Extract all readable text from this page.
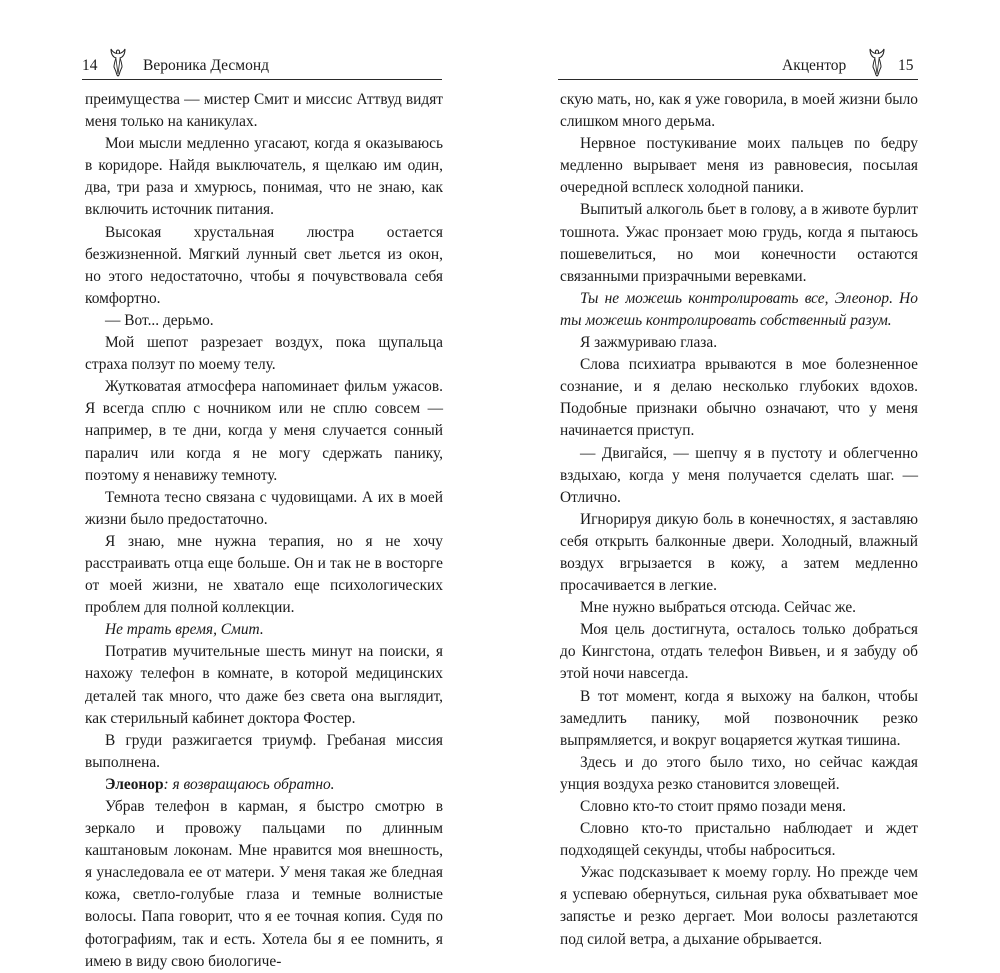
14	Вероника Десмонд

преимущества — мистер Смит и миссис Аттвуд видят меня только на каникулах.

Мои мысли медленно угасают, когда я оказываюсь в коридоре. Найдя выключатель, я щелкаю им один, два, три раза и хмурюсь, понимая, что не знаю, как включить источник питания.

Высокая хрустальная люстра остается безжизненной. Мягкий лунный свет льется из окон, но этого недостаточно, чтобы я почувствовала себя комфортно.

— Вот... дерьмо.

Мой шепот разрезает воздух, пока щупальца страха ползут по моему телу.

Жутковатая атмосфера напоминает фильм ужасов. Я всегда сплю с ночником или не сплю совсем — например, в те дни, когда у меня случается сонный паралич или когда я не могу сдержать панику, поэтому я ненавижу темноту.

Темнота тесно связана с чудовищами. А их в моей жизни было предостаточно.

Я знаю, мне нужна терапия, но я не хочу расстраивать отца еще больше. Он и так не в восторге от моей жизни, не хватало еще психологических проблем для полной коллекции.

Не трать время, Смит.

Потратив мучительные шесть минут на поиски, я нахожу телефон в комнате, в которой медицинских деталей так много, что даже без света она выглядит, как стерильный кабинет доктора Фостер.

В груди разжигается триумф. Гребаная миссия выполнена.

Элеонор: я возвращаюсь обратно.

Убрав телефон в карман, я быстро смотрю в зеркало и провожу пальцами по длинным каштановым локонам. Мне нравится моя внешность, я унаследовала ее от матери. У меня такая же бледная кожа, светло-голубые глаза и темные волнистые волосы. Папа говорит, что я ее точная копия. Судя по фотографиям, так и есть. Хотела бы я ее помнить, я имею в виду свою биологиче-

Акцентор	15

скую мать, но, как я уже говорила, в моей жизни было слишком много дерьма.

Нервное постукивание моих пальцев по бедру медленно вырывает меня из равновесия, посылая очередной всплеск холодной паники.

Выпитый алкоголь бьет в голову, а в животе бурлит тошнота. Ужас пронзает мою грудь, когда я пытаюсь пошевелиться, но мои конечности остаются связанными призрачными веревками.

Ты не можешь контролировать все, Элеонор. Но ты можешь контролировать собственный разум.

Я зажмуриваю глаза.

Слова психиатра врываются в мое болезненное сознание, и я делаю несколько глубоких вдохов. Подобные признаки обычно означают, что у меня начинается приступ.

— Двигайся, — шепчу я в пустоту и облегченно вздыхаю, когда у меня получается сделать шаг. — Отлично.

Игнорируя дикую боль в конечностях, я заставляю себя открыть балконные двери. Холодный, влажный воздух вгрызается в кожу, а затем медленно просачивается в легкие.

Мне нужно выбраться отсюда. Сейчас же.

Моя цель достигнута, осталось только добраться до Кингстона, отдать телефон Вивьен, и я забуду об этой ночи навсегда.

В тот момент, когда я выхожу на балкон, чтобы замедлить панику, мой позвоночник резко выпрямляется, и вокруг воцаряется жуткая тишина.

Здесь и до этого было тихо, но сейчас каждая унция воздуха резко становится зловещей.

Словно кто-то стоит прямо позади меня.

Словно кто-то пристально наблюдает и ждет подходящей секунды, чтобы наброситься.

Ужас подсказывает к моему горлу. Но прежде чем я успеваю обернуться, сильная рука обхватывает мое запястье и резко дергает. Мои волосы разлетаются под силой ветра, а дыхание обрывается.
